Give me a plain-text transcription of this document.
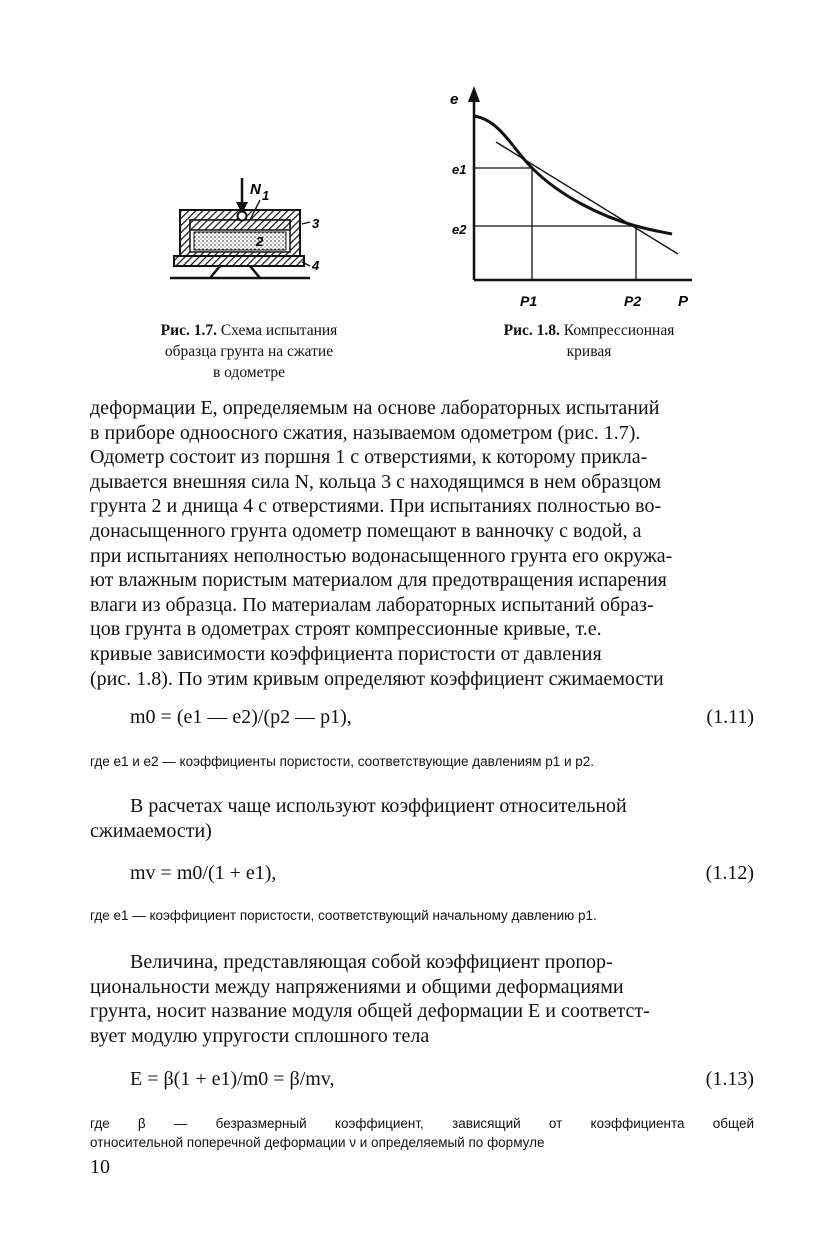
N 1
2
3
4
Рис. 1.7. Схема испытания
образца грунта на сжатие
в одометре
e
e1
e2
P1	P2 P
Рис. 1.8. Компрессионная
кривая
деформации E, определяемым на основе лабораторных испытаний
в приборе одноосного сжатия, называемом одометром (рис. 1.7).
Одометр состоит из поршня 1 с отверстиями, к которому прикла-
дывается внешняя сила N, кольца 3 с находящимся в нем образцом
грунта 2 и днища 4 с отверстиями. При испытаниях полностью во-
донасыщенного грунта одометр помещают в ванночку с водой, а
при испытаниях неполностью водонасыщенного грунта его окружа-
ют влажным пористым материалом для предотвращения испарения
влаги из образца. По материалам лабораторных испытаний образ-
цов грунта в одометрах строят компрессионные кривые, т.е.
кривые зависимости коэффициента пористости от давления
(рис. 1.8). По этим кривым определяют коэффициент сжимаемости
m0 = (e1 — e2)/(p2 — p1),	(1.11)

где e1 и e2 — коэффициенты пористости, соответствующие давлениям p1 и p2.

В расчетах чаще используют коэффициент относительной
сжимаемости)
mv = m0/(1 + e1),	(1.12)

где e1 — коэффициент пористости, соответствующий начальному давлению p1.

Величина, представляющая собой коэффициент пропор-
циональности между напряжениями и общими деформациями
грунта, носит название модуля общей деформации E и соответст-
вует модулю упругости сплошного тела
E = β(1 + e1)/m0 = β/mv,	(1.13)
где β — безразмерный коэффициент, зависящий от коэффициента общей
относительной поперечной деформации ν и определяемый по формуле
10
